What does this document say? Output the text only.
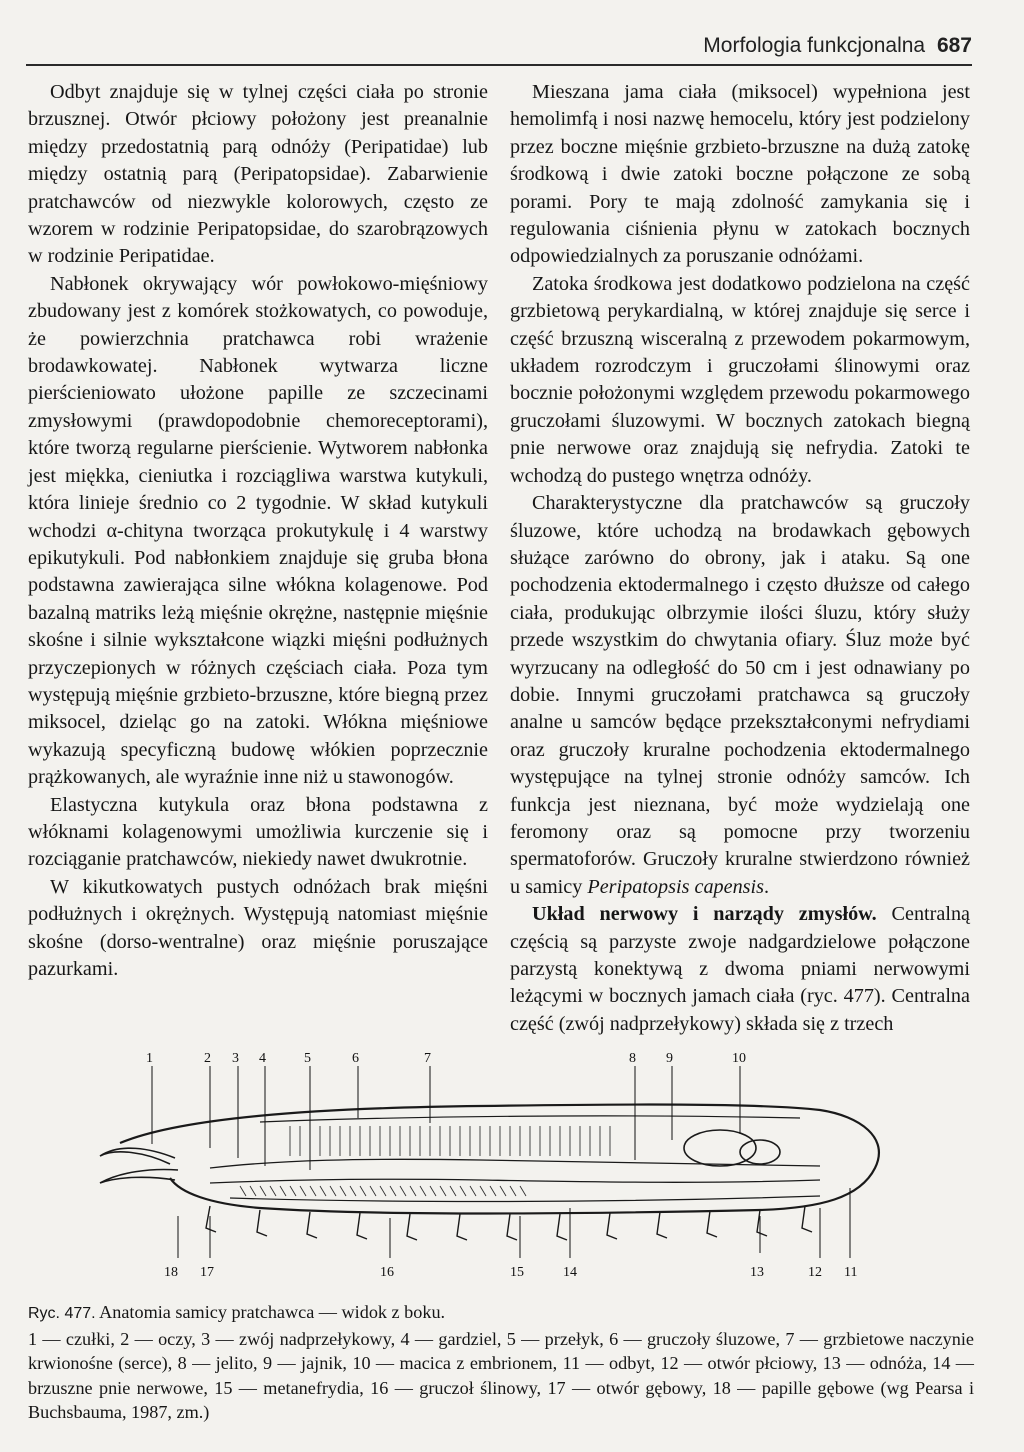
Morfologia funkcjonalna 687

Odbyt znajduje się w tylnej części ciała po stronie brzusznej. Otwór płciowy położony jest preanalnie między przedostatnią parą odnóży (Peripatidae) lub między ostatnią parą (Peripatopsidae). Zabarwienie pratchawców od niezwykle kolorowych, często ze wzorem w rodzinie Peripatopsidae, do szarobrązowych w rodzinie Peripatidae.

Nabłonek okrywający wór powłokowo-mięśniowy zbudowany jest z komórek stożkowatych, co powoduje, że powierzchnia pratchawca robi wrażenie brodawkowatej. Nabłonek wytwarza liczne pierścieniowato ułożone papille ze szczecinami zmysłowymi (prawdopodobnie chemoreceptorami), które tworzą regularne pierścienie. Wytworem nabłonka jest miękka, cieniutka i rozciągliwa warstwa kutykuli, która linieje średnio co 2 tygodnie. W skład kutykuli wchodzi α-chityna tworząca prokutykulę i 4 warstwy epikutykuli. Pod nabłonkiem znajduje się gruba błona podstawna zawierająca silne włókna kolagenowe. Pod bazalną matriks leżą mięśnie okrężne, następnie mięśnie skośne i silnie wykształcone wiązki mięśni podłużnych przyczepionych w różnych częściach ciała. Poza tym występują mięśnie grzbieto-brzuszne, które biegną przez miksocel, dzieląc go na zatoki. Włókna mięśniowe wykazują specyficzną budowę włókien poprzecznie prążkowanych, ale wyraźnie inne niż u stawonogów.

Elastyczna kutykula oraz błona podstawna z włóknami kolagenowymi umożliwia kurczenie się i rozciąganie pratchawców, niekiedy nawet dwukrotnie.

W kikutkowatych pustych odnóżach brak mięśni podłużnych i okrężnych. Występują natomiast mięśnie skośne (dorso-wentralne) oraz mięśnie poruszające pazurkami.

Mieszana jama ciała (miksocel) wypełniona jest hemolimfą i nosi nazwę hemocelu, który jest podzielony przez boczne mięśnie grzbieto-brzuszne na dużą zatokę środkową i dwie zatoki boczne połączone ze sobą porami. Pory te mają zdolność zamykania się i regulowania ciśnienia płynu w zatokach bocznych odpowiedzialnych za poruszanie odnóżami.

Zatoka środkowa jest dodatkowo podzielona na część grzbietową perykardialną, w której znajduje się serce i część brzuszną wisceralną z przewodem pokarmowym, układem rozrodczym i gruczołami ślinowymi oraz bocznie położonymi względem przewodu pokarmowego gruczołami śluzowymi. W bocznych zatokach biegną pnie nerwowe oraz znajdują się nefrydia. Zatoki te wchodzą do pustego wnętrza odnóży.

Charakterystyczne dla pratchawców są gruczoły śluzowe, które uchodzą na brodawkach gębowych służące zarówno do obrony, jak i ataku. Są one pochodzenia ektodermalnego i często dłuższe od całego ciała, produkując olbrzymie ilości śluzu, który służy przede wszystkim do chwytania ofiary. Śluz może być wyrzucany na odległość do 50 cm i jest odnawiany po dobie. Innymi gruczołami pratchawca są gruczoły analne u samców będące przekształconymi nefrydiami oraz gruczoły kruralne pochodzenia ektodermalnego występujące na tylnej stronie odnóży samców. Ich funkcja jest nieznana, być może wydzielają one feromony oraz są pomocne przy tworzeniu spermatoforów. Gruczoły kruralne stwierdzono również u samicy Peripatopsis capensis.

Układ nerwowy i narządy zmysłów. Centralną częścią są parzyste zwoje nadgardzielowe połączone parzystą konektywą z dwoma pniami nerwowymi leżącymi w bocznych jamach ciała (ryc. 477). Centralna część (zwój nadprzełykowy) składa się z trzech

1	2 3 4	5	6	7	8 9	10
18 17	16	15	14	13	12 11
Ryc. 477. Anatomia samicy pratchawca — widok z boku.
1 — czułki, 2 — oczy, 3 — zwój nadprzełykowy, 4 — gardziel, 5 — przełyk, 6 — gruczoły śluzowe, 7 — grzbietowe naczynie krwionośne (serce), 8 — jelito, 9 — jajnik, 10 — macica z embrionem, 11 — odbyt, 12 — otwór płciowy, 13 — odnóża, 14 — brzuszne pnie nerwowe, 15 — metanefrydia, 16 — gruczoł ślinowy, 17 — otwór gębowy, 18 — papille gębowe (wg Pearsa i Buchsbauma, 1987, zm.)
